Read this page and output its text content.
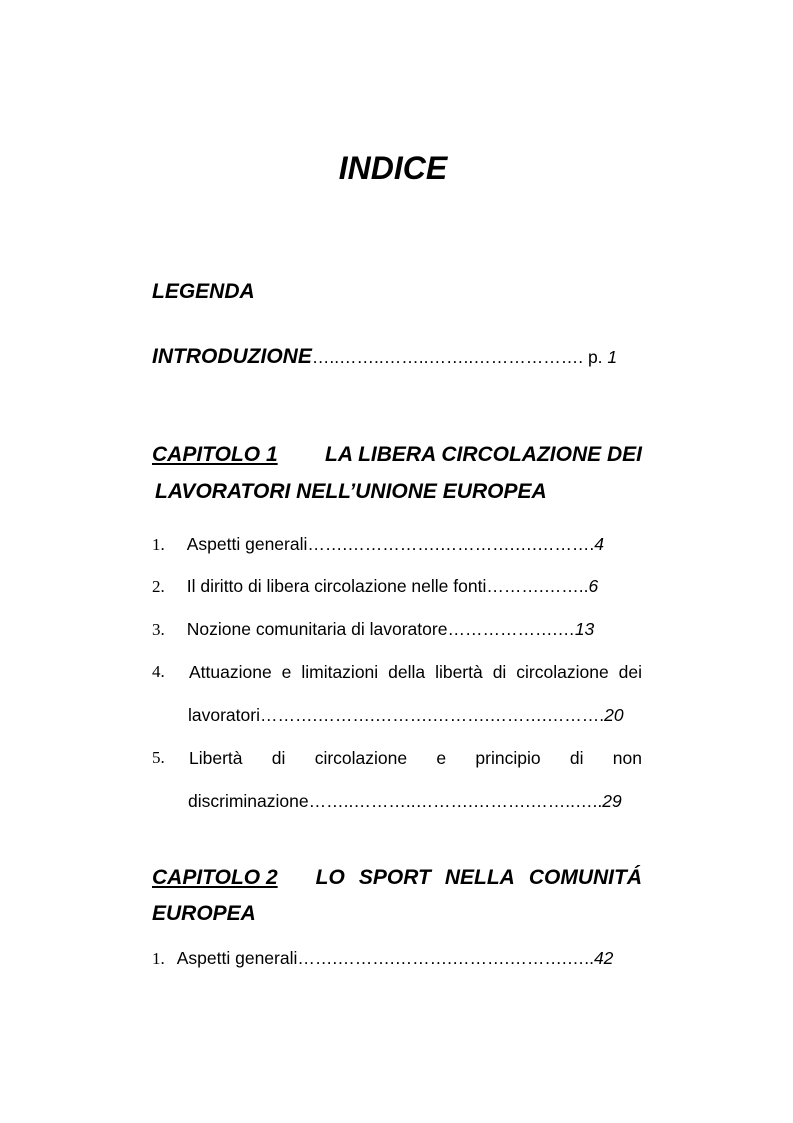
INDICE
LEGENDA
INTRODUZIONE…..……..……..……..………………. p. 1
CAPITOLO 1 LA LIBERA CIRCOLAZIONE DEI
LAVORATORI NELL’UNIONE EUROPEA
1. Aspetti generali…….…………….………….….……….4
2. Il diritto di libera circolazione nelle fonti……….……..6
3. Nozione comunitaria di lavoratore……………….…13
4. Attuazione e limitazioni della libertà di circolazione dei
lavoratori……….……….……….……….……….……….20
5. Libertà di circolazione e principio di non
discriminazione……..………..……….……….……..…..29
CAPITOLO 2 LO SPORT NELLA COMUNITÁ
EUROPEA
1. Aspetti generali…….……….……….……….……….…..42
